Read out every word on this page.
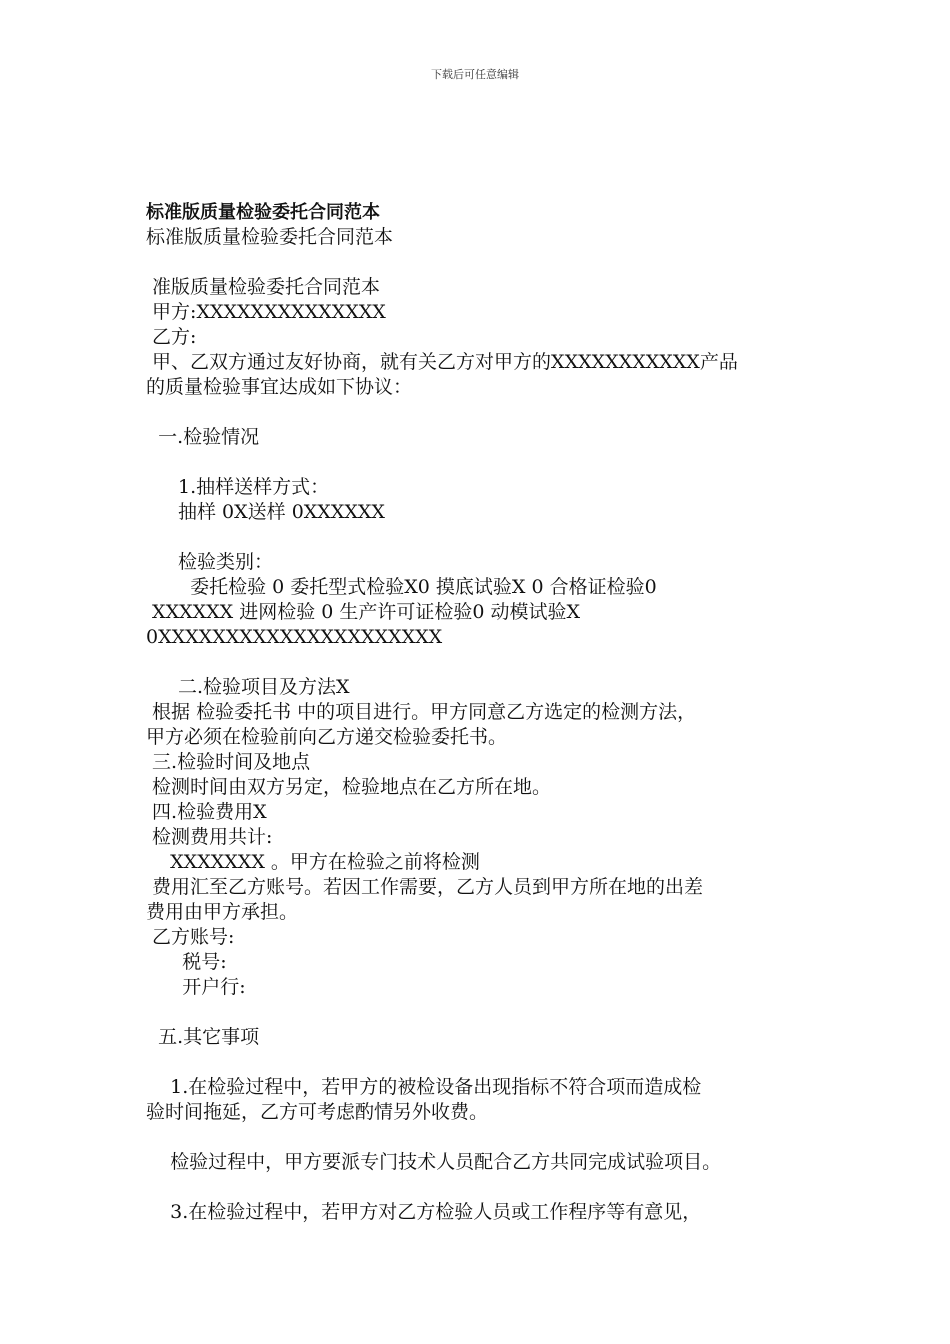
下载后可任意编辑
标准版质量检验委托合同范本
标准版质量检验委托合同范本
准版质量检验委托合同范本
甲方:XXXXXXXXXXXXXX
乙方:
甲、乙双方通过友好协商，就有关乙方对甲方的XXXXXXXXXXX产品
的质量检验事宜达成如下协议：
一.检验情况
1.抽样送样方式：
抽样 0X送样 0XXXXXX
检验类别：
委托检验 0 委托型式检验X0 摸底试验X 0 合格证检验0
XXXXXX 进网检验 0 生产许可证检验0 动模试验X
0XXXXXXXXXXXXXXXXXXXXX
二.检验项目及方法X
根据 检验委托书 中的项目进行。甲方同意乙方选定的检测方法，
甲方必须在检验前向乙方递交检验委托书。
三.检验时间及地点
检测时间由双方另定，检验地点在乙方所在地。
四.检验费用X
检测费用共计:
XXXXXXX 。甲方在检验之前将检测
费用汇至乙方账号。若因工作需要，乙方人员到甲方所在地的出差
费用由甲方承担。
乙方账号:
税号:
开户行:
五.其它事项
1.在检验过程中，若甲方的被检设备出现指标不符合项而造成检
验时间拖延，乙方可考虑酌情另外收费。
检验过程中，甲方要派专门技术人员配合乙方共同完成试验项目。
3.在检验过程中，若甲方对乙方检验人员或工作程序等有意见，
